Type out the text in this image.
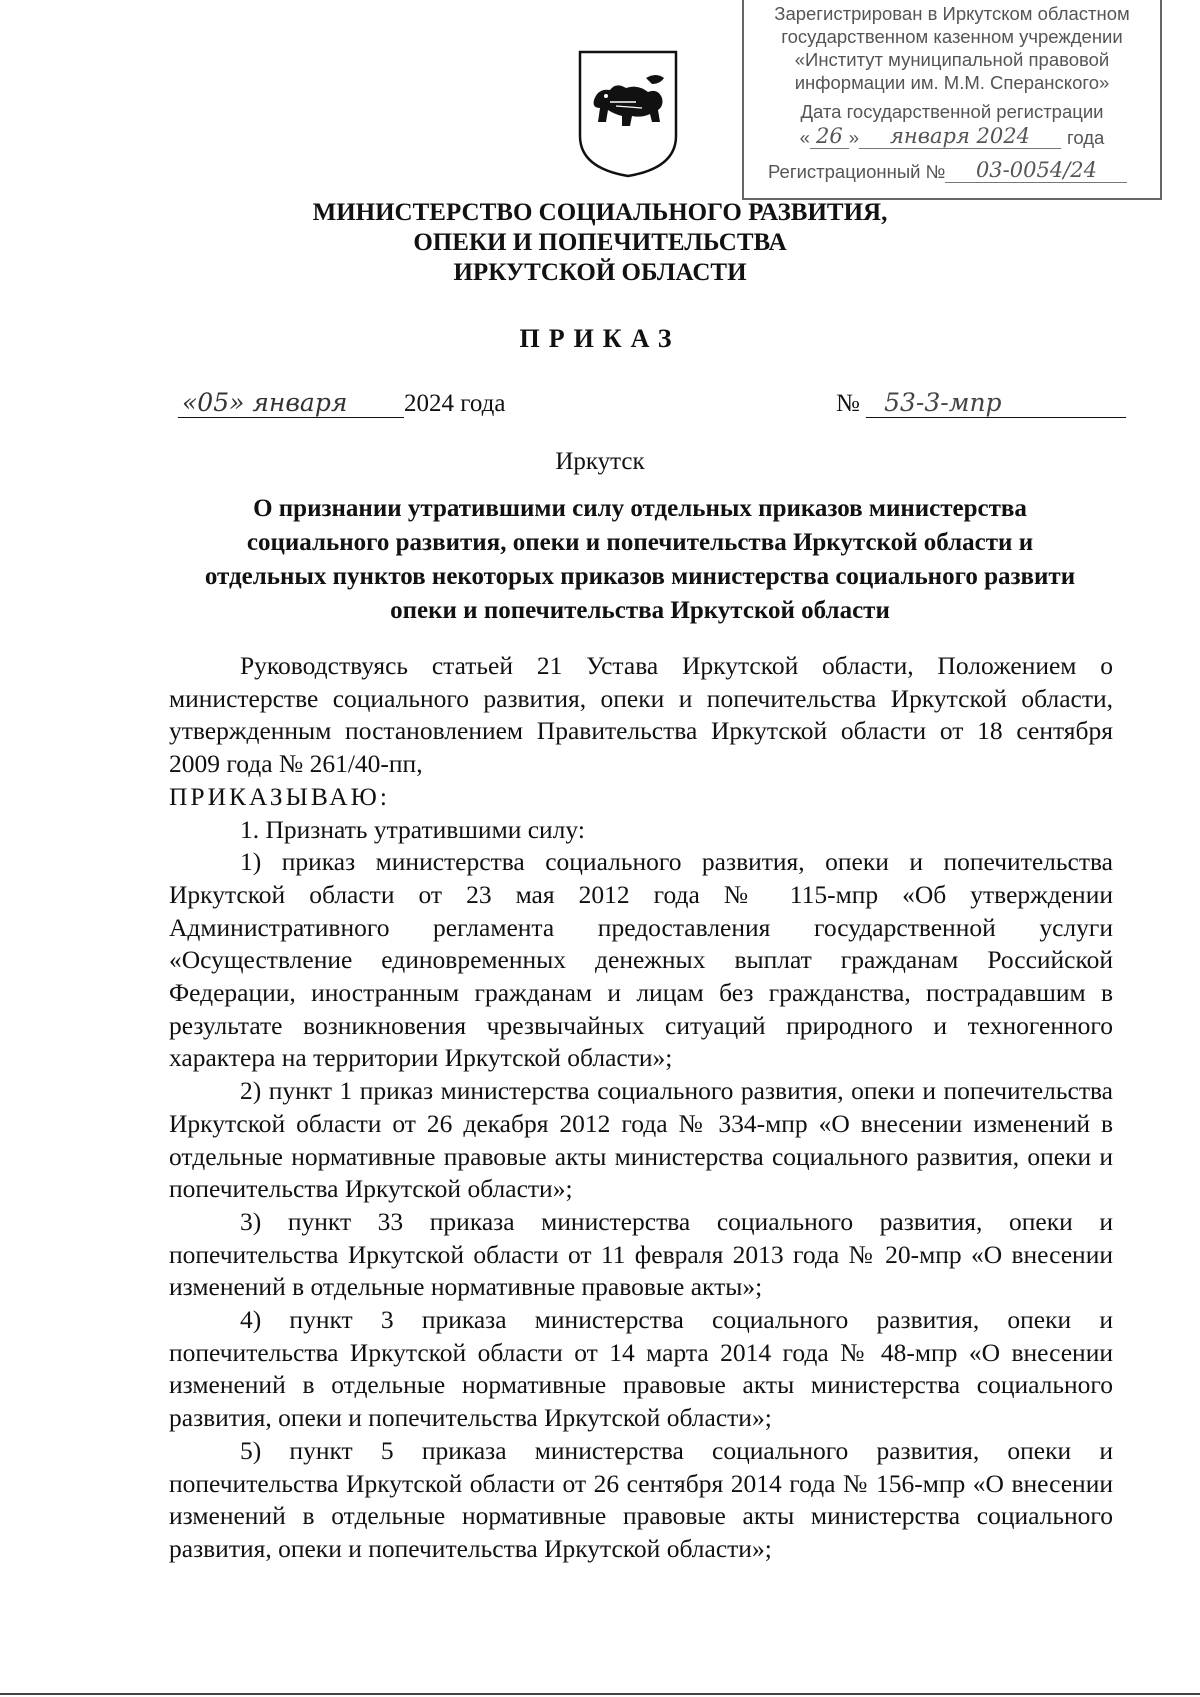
Зарегистрирован в Иркутском областном
государственном казенном учреждении
«Институт муниципальной правовой
информации им. М.М. Сперанского»
Дата государственной регистрации
« 26 »	января 2024	года
Регистрационный №	03-0054/24
МИНИСТЕРСТВО СОЦИАЛЬНОГО РАЗВИТИЯ,
ОПЕКИ И ПОПЕЧИТЕЛЬСТВА
ИРКУТСКОЙ ОБЛАСТИ
ПРИКАЗ
«05» января 2024 года	№ 53-3-мпр
Иркутск
О признании утратившими силу отдельных приказов министерства
социального развития, опеки и попечительства Иркутской области и
отдельных пунктов некоторых приказов министерства социального развити
опеки и попечительства Иркутской области

Руководствуясь статьей 21 Устава Иркутской области, Положением о министерстве социального развития, опеки и попечительства Иркутской области, утвержденным постановлением Правительства Иркутской области от 18 сентября 2009 года № 261/40-пп,

ПРИКАЗЫВАЮ:

1. Признать утратившими силу:

1) приказ министерства социального развития, опеки и попечительства Иркутской области от 23 мая 2012 года № 115-мпр «Об утверждении Административного регламента предоставления государственной услуги «Осуществление единовременных денежных выплат гражданам Российской Федерации, иностранным гражданам и лицам без гражданства, пострадавшим в результате возникновения чрезвычайных ситуаций природного и техногенного характера на территории Иркутской области»;

2) пункт 1 приказ министерства социального развития, опеки и попечительства Иркутской области от 26 декабря 2012 года № 334-мпр «О внесении изменений в отдельные нормативные правовые акты министерства социального развития, опеки и попечительства Иркутской области»;

3) пункт 33 приказа министерства социального развития, опеки и попечительства Иркутской области от 11 февраля 2013 года № 20-мпр «О внесении изменений в отдельные нормативные правовые акты»;

4) пункт 3 приказа министерства социального развития, опеки и попечительства Иркутской области от 14 марта 2014 года № 48-мпр «О внесении изменений в отдельные нормативные правовые акты министерства социального развития, опеки и попечительства Иркутской области»;

5) пункт 5 приказа министерства социального развития, опеки и попечительства Иркутской области от 26 сентября 2014 года № 156-мпр «О внесении изменений в отдельные нормативные правовые акты министерства социального развития, опеки и попечительства Иркутской области»;
